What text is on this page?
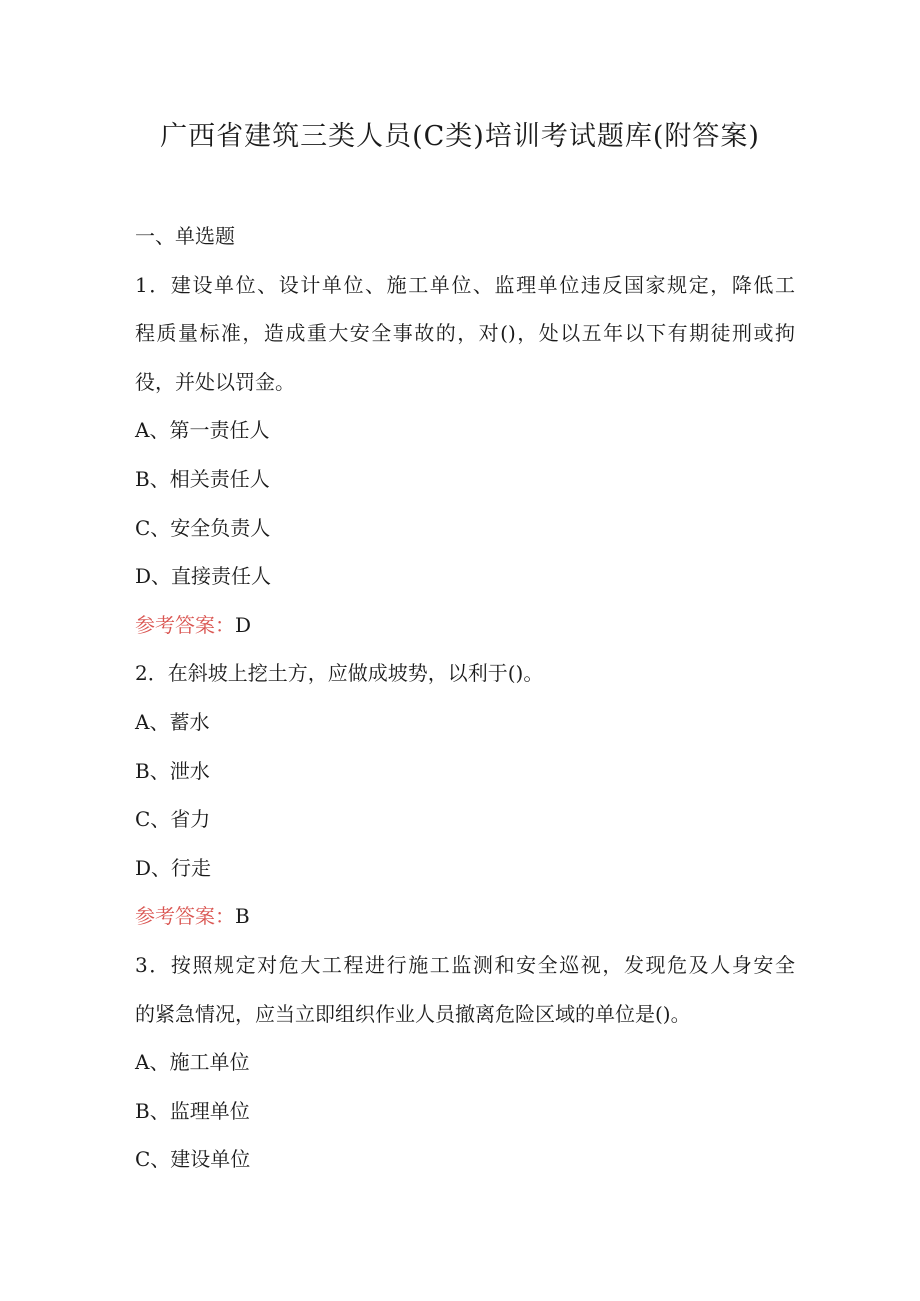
广西省建筑三类人员(C类)培训考试题库(附答案)
一、单选题
1．建设单位、设计单位、施工单位、监理单位违反国家规定，降低工
程质量标准，造成重大安全事故的，对()，处以五年以下有期徒刑或拘
役，并处以罚金。
A、第一责任人
B、相关责任人
C、安全负责人
D、直接责任人
参考答案：D
2．在斜坡上挖土方，应做成坡势，以利于()。
A、蓄水
B、泄水
C、省力
D、行走
参考答案：B
3．按照规定对危大工程进行施工监测和安全巡视，发现危及人身安全
的紧急情况，应当立即组织作业人员撤离危险区域的单位是()。
A、施工单位
B、监理单位
C、建设单位
